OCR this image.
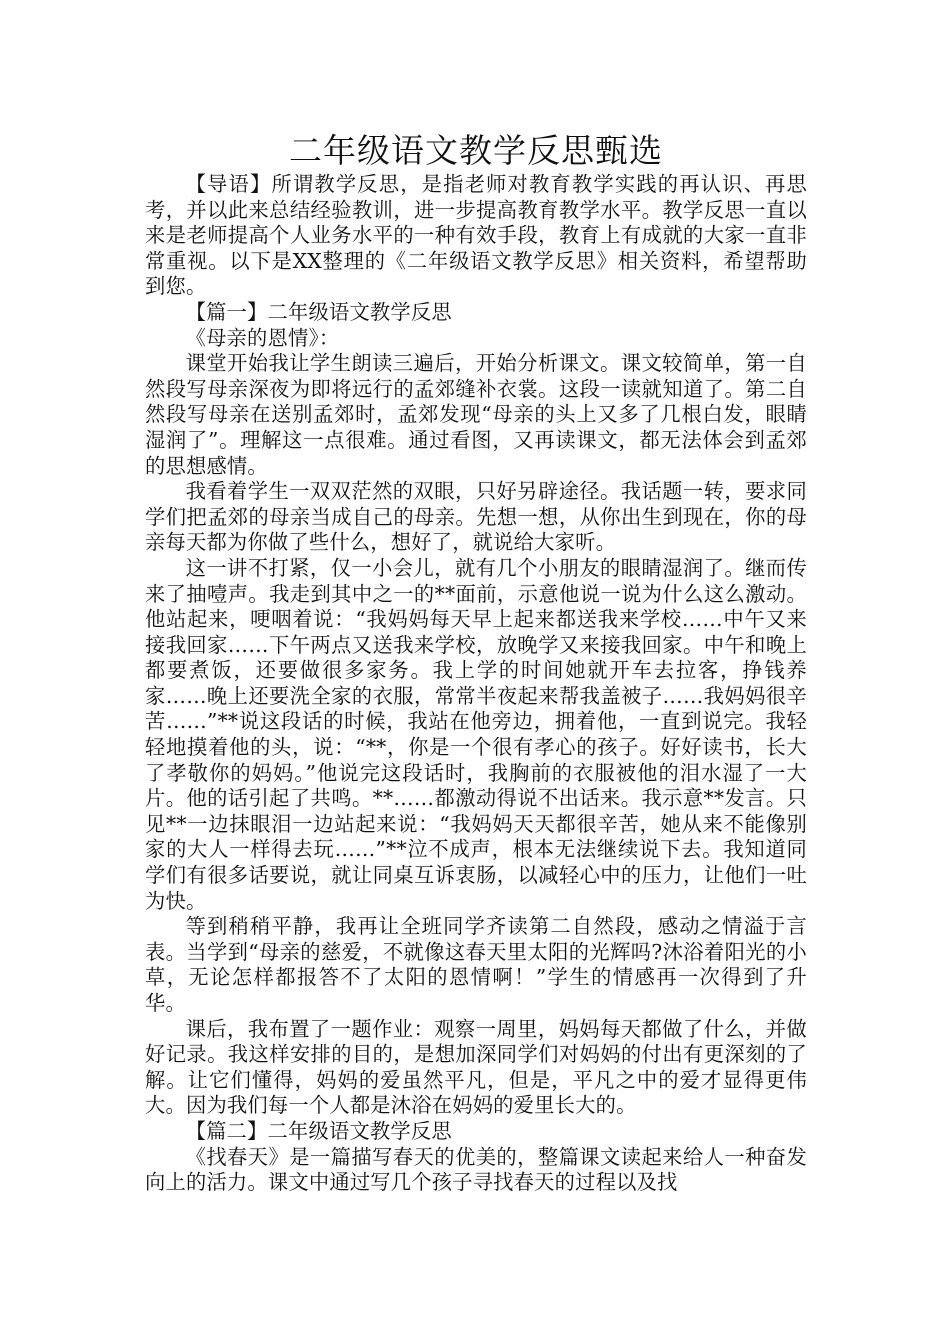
二年级语文教学反思甄选

【导语】所谓教学反思，是指老师对教育教学实践的再认识、再思考，并以此来总结经验教训，进一步提高教育教学水平。教学反思一直以来是老师提高个人业务水平的一种有效手段，教育上有成就的大家一直非常重视。以下是XX整理的《二年级语文教学反思》相关资料，希望帮助到您。

【篇一】二年级语文教学反思

《母亲的恩情》：

课堂开始我让学生朗读三遍后，开始分析课文。课文较简单，第一自然段写母亲深夜为即将远行的孟郊缝补衣裳。这段一读就知道了。第二自然段写母亲在送别孟郊时，孟郊发现“母亲的头上又多了几根白发，眼睛湿润了”。理解这一点很难。通过看图，又再读课文，都无法体会到孟郊的思想感情。

我看着学生一双双茫然的双眼，只好另辟途径。我话题一转，要求同学们把孟郊的母亲当成自己的母亲。先想一想，从你出生到现在，你的母亲每天都为你做了些什么，想好了，就说给大家听。

这一讲不打紧，仅一小会儿，就有几个小朋友的眼睛湿润了。继而传来了抽噎声。我走到其中之一的**面前，示意他说一说为什么这么激动。他站起来，哽咽着说：“我妈妈每天早上起来都送我来学校……中午又来接我回家……下午两点又送我来学校，放晚学又来接我回家。中午和晚上都要煮饭，还要做很多家务。我上学的时间她就开车去拉客，挣钱养家……晚上还要洗全家的衣服，常常半夜起来帮我盖被子……我妈妈很辛苦……”**说这段话的时候，我站在他旁边，拥着他，一直到说完。我轻轻地摸着他的头，说：“**，你是一个很有孝心的孩子。好好读书，长大了孝敬你的妈妈。”他说完这段话时，我胸前的衣服被他的泪水湿了一大片。他的话引起了共鸣。**……都激动得说不出话来。我示意**发言。只见**一边抹眼泪一边站起来说：“我妈妈天天都很辛苦，她从来不能像别家的大人一样得去玩……”**泣不成声，根本无法继续说下去。我知道同学们有很多话要说，就让同桌互诉衷肠，以减轻心中的压力，让他们一吐为快。

等到稍稍平静，我再让全班同学齐读第二自然段，感动之情溢于言表。当学到“母亲的慈爱，不就像这春天里太阳的光辉吗?沐浴着阳光的小草，无论怎样都报答不了太阳的恩情啊！”学生的情感再一次得到了升华。

课后，我布置了一题作业：观察一周里，妈妈每天都做了什么，并做好记录。我这样安排的目的，是想加深同学们对妈妈的付出有更深刻的了解。让它们懂得，妈妈的爱虽然平凡，但是，平凡之中的爱才显得更伟大。因为我们每一个人都是沐浴在妈妈的爱里长大的。

【篇二】二年级语文教学反思

《找春天》是一篇描写春天的优美的，整篇课文读起来给人一种奋发向上的活力。课文中通过写几个孩子寻找春天的过程以及找
